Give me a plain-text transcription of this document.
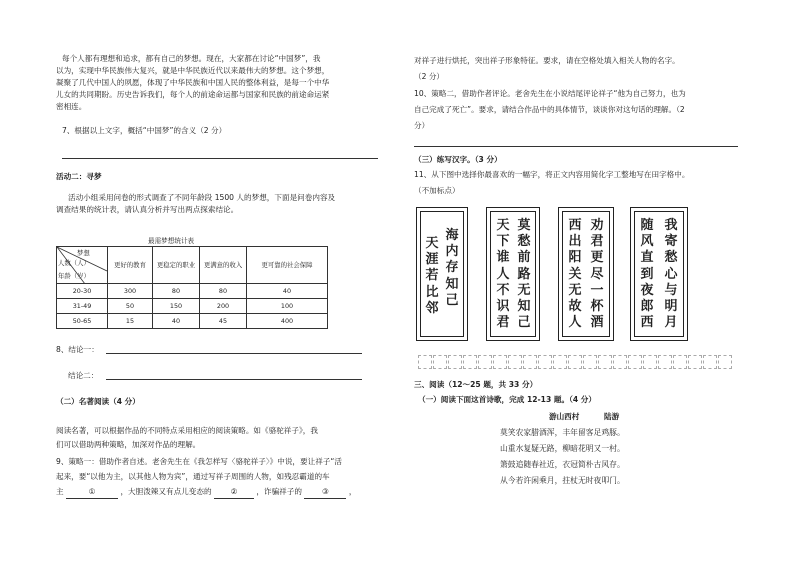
每个人都有理想和追求，都有自己的梦想。现在，大家都在讨论“中国梦”，我
以为，实现中华民族伟大复兴，就是中华民族近代以来最伟大的梦想。这个梦想，
凝聚了几代中国人的夙愿，体现了中华民族和中国人民的整体利益，是每一个中华
儿女的共同期盼。历史告诉我们，每个人的前途命运都与国家和民族的前途命运紧
密相连。
7、根据以上文字，概括“中国梦”的含义（2 分）
活动二：寻梦
活动小组采用问卷的形式调查了不同年龄段 1500 人的梦想，下面是问卷内容及
调查结果的统计表，请认真分析并写出两点探索结论。
最需梦想统计表
梦想
人数（人）
年龄（岁）	更好的教育	更稳定的职业	更满意的收入	更可靠的社会保障
20-30	300	80	80	40
31-49	50	150	200	100
50-65	15	40	45	400
8、结论一：
结论二：
（二）名著阅读（4 分）
阅读名著，可以根据作品的不同特点采用相应的阅读策略。如《骆驼祥子》，我
们可以借助两种策略，加深对作品的理解。
9、策略一：借助作者自述。老舍先生在《我怎样写〈骆驼祥子〉》中说，要让祥子“活
起来，要“以他为主，以其他人物为宾”，通过写祥子周围的人物，如残忍霸道的车
主	①	，大胆泼辣又有点儿变态的	②	，诈骗祥子的	③	，
对祥子进行烘托，突出祥子形象特征。要求，请在空格处填入相关人物的名字。
（2 分）
10、策略二，借助作者评论。老舍先生在小说结尾评论祥子“他为自己努力，也为
自己完成了死亡”。要求，请结合作品中的具体情节，谈谈你对这句话的理解。（2
分）
（三）练写汉字。（3 分）
11、从下图中选择你最喜欢的一幅字，将正文内容用简化字工整地写在田字格中。
（不加标点）
海内存知己
天涯若比邻
莫愁前路无知己
天下谁人不识君
劝君更尽一杯酒
西出阳关无故人
我寄愁心与明月
随风直到夜郎西
三、阅读（12～25 题，共 33 分）
（一）阅读下面这首诗歌，完成 12-13 题。（4 分）
游山西村	陆游
莫笑农家腊酒浑，丰年留客足鸡豚。
山重水复疑无路，柳暗花明又一村。
箫鼓追随春社近，衣冠简朴古风存。
从今若许闲乘月，拄杖无时夜叩门。
